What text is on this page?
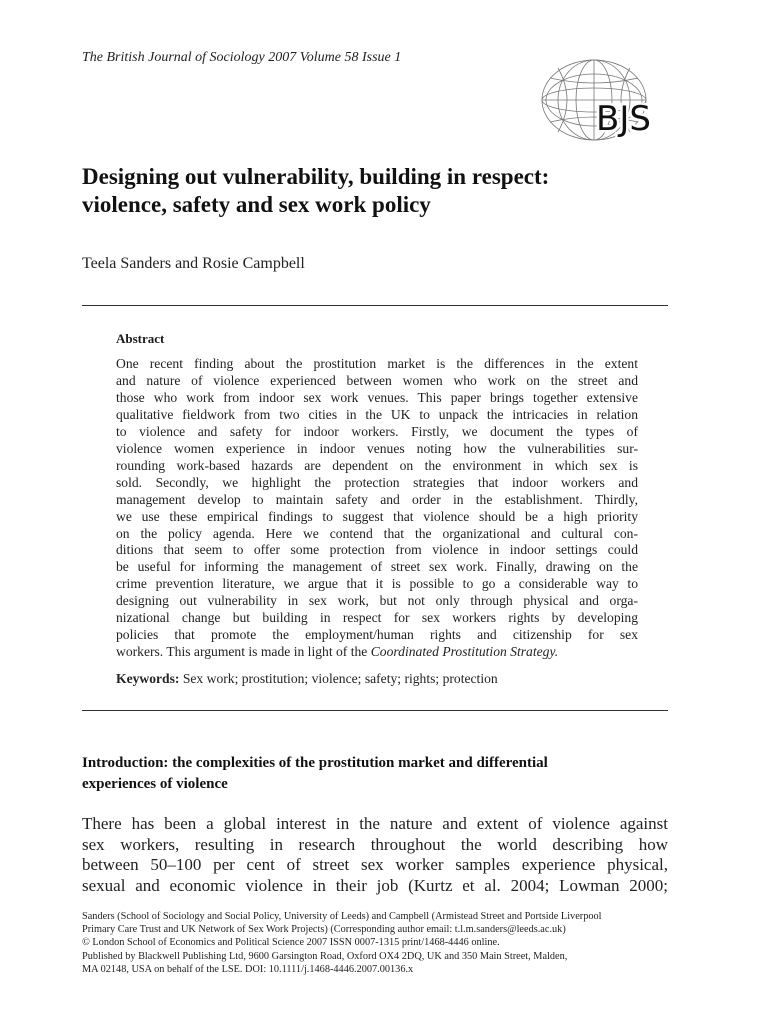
The British Journal of Sociology 2007 Volume 58 Issue 1
BJS
Designing out vulnerability, building in respect:
violence, safety and sex work policy
Teela Sanders and Rosie Campbell
Abstract
One recent finding about the prostitution market is the differences in the extent
and nature of violence experienced between women who work on the street and
those who work from indoor sex work venues. This paper brings together extensive
qualitative fieldwork from two cities in the UK to unpack the intricacies in relation
to violence and safety for indoor workers. Firstly, we document the types of
violence women experience in indoor venues noting how the vulnerabilities sur-
rounding work-based hazards are dependent on the environment in which sex is
sold. Secondly, we highlight the protection strategies that indoor workers and
management develop to maintain safety and order in the establishment. Thirdly,
we use these empirical findings to suggest that violence should be a high priority
on the policy agenda. Here we contend that the organizational and cultural con-
ditions that seem to offer some protection from violence in indoor settings could
be useful for informing the management of street sex work. Finally, drawing on the
crime prevention literature, we argue that it is possible to go a considerable way to
designing out vulnerability in sex work, but not only through physical and orga-
nizational change but building in respect for sex workers rights by developing
policies that promote the employment/human rights and citizenship for sex
workers. This argument is made in light of the Coordinated Prostitution Strategy.
Keywords: Sex work; prostitution; violence; safety; rights; protection
Introduction: the complexities of the prostitution market and differential
experiences of violence
There has been a global interest in the nature and extent of violence against
sex workers, resulting in research throughout the world describing how
between 50–100 per cent of street sex worker samples experience physical,
sexual and economic violence in their job (Kurtz et al. 2004; Lowman 2000;
Sanders (School of Sociology and Social Policy, University of Leeds) and Campbell (Armistead Street and Portside Liverpool
Primary Care Trust and UK Network of Sex Work Projects) (Corresponding author email: t.l.m.sanders@leeds.ac.uk)
© London School of Economics and Political Science 2007 ISSN 0007-1315 print/1468-4446 online.
Published by Blackwell Publishing Ltd, 9600 Garsington Road, Oxford OX4 2DQ, UK and 350 Main Street, Malden,
MA 02148, USA on behalf of the LSE. DOI: 10.1111/j.1468-4446.2007.00136.x
